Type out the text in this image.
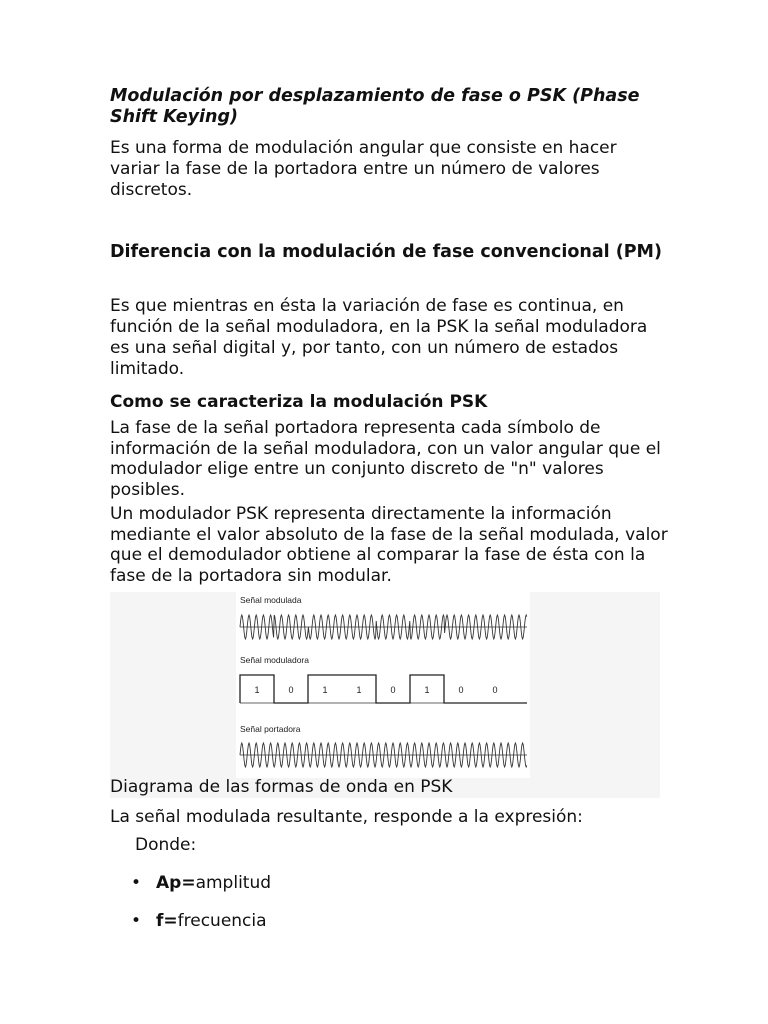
Modulación por desplazamiento de fase o PSK (Phase Shift Keying)
Es una forma de modulación angular que consiste en hacer variar la fase de la portadora entre un número de valores discretos.
Diferencia con la modulación de fase convencional (PM)
Es que mientras en ésta la variación de fase es continua, en función de la señal moduladora, en la PSK la señal moduladora es una señal digital y, por tanto, con un número de estados limitado.
Como se caracteriza la modulación PSK
La fase de la señal portadora representa cada símbolo de información de la señal moduladora, con un valor angular que el modulador elige entre un conjunto discreto de "n" valores posibles.
Un modulador PSK representa directamente la información mediante el valor absoluto de la fase de la señal modulada, valor que el demodulador obtiene al comparar la fase de ésta con la fase de la portadora sin modular.
Señal modulada
Señal moduladora
Señal portadora
1	0	1	1	0	1	0	0
Diagrama de las formas de onda en PSK
La señal modulada resultante, responde a la expresión:
Donde:
• Ap=amplitud
• f=frecuencia
